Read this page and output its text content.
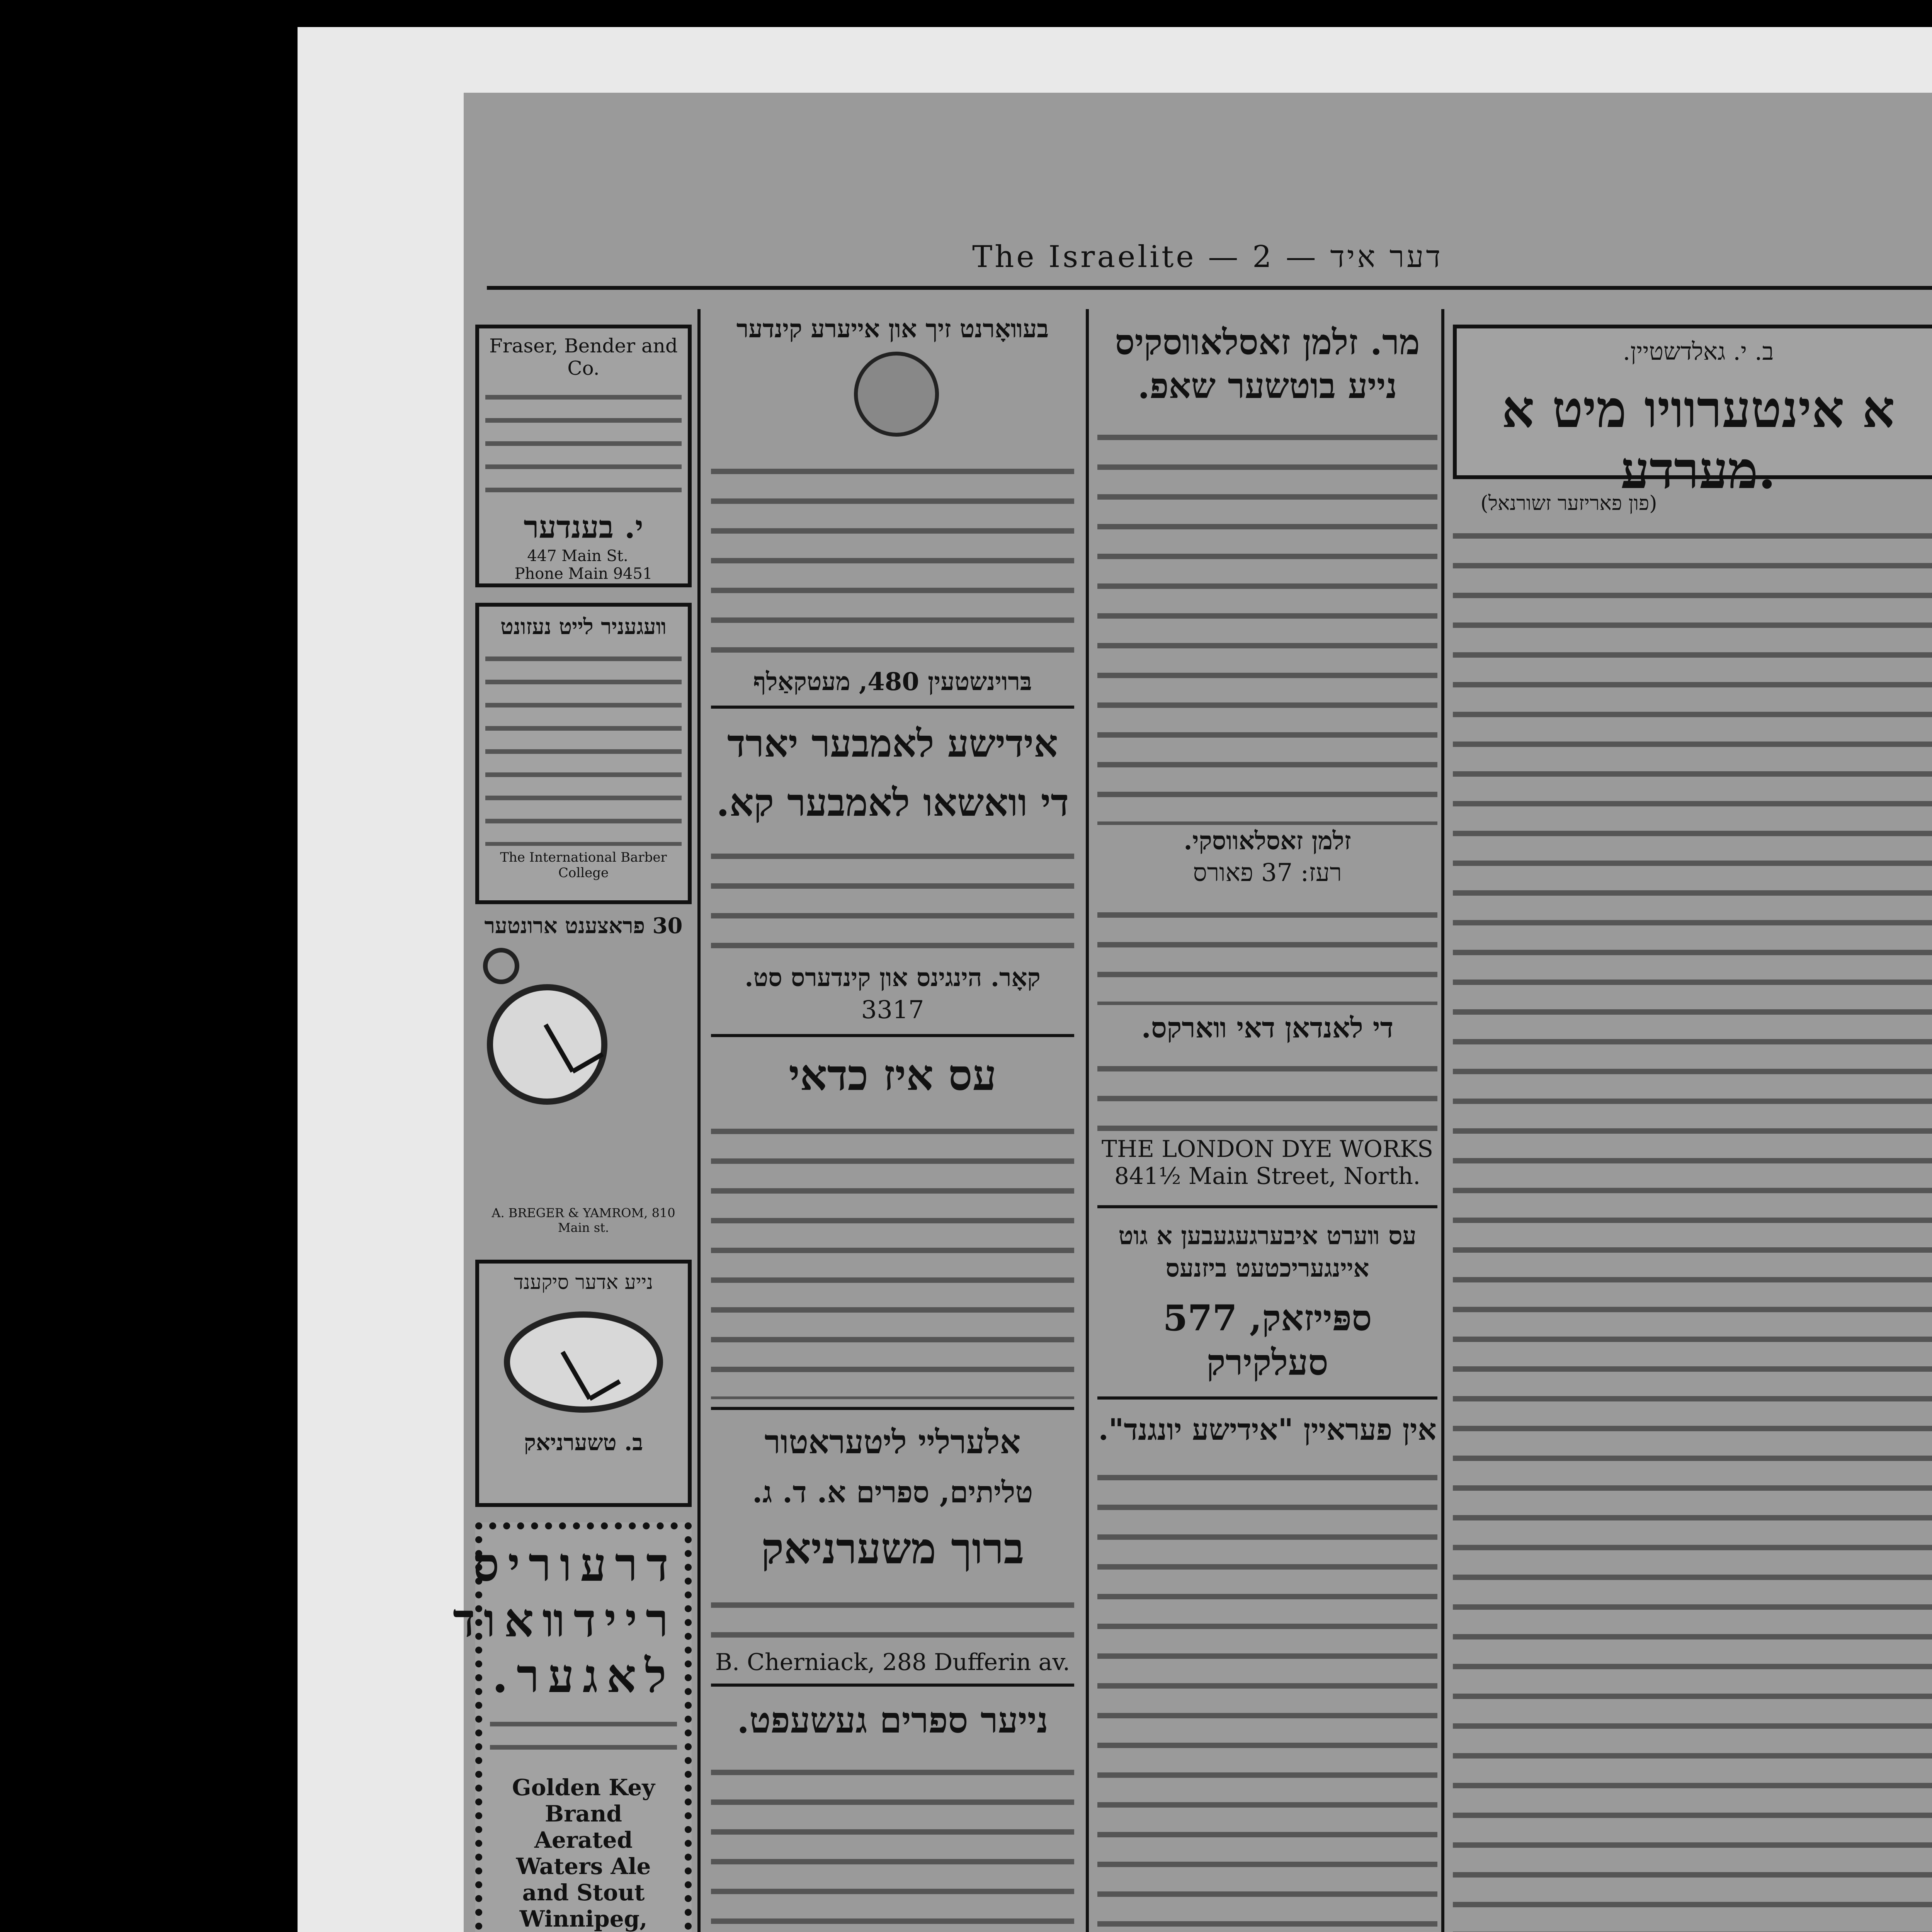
The Israelite — 2 — דער איד
ב. י. גאלדשטיין.
א אינטערוויו מיט א מערדע.
(פון פאריזער זשורנאל)
מר. זלמן זאסלאווסקיס נייע בוטשער שאפ.
זלמן זאסלאווסקי.
רעז: 37 פאורס
די לאנדאן דאי װארקס.
THE LONDON DYE WORKS
841½ Main Street, North.
עס װערט איבערגעגעבען א גוט איינגעריכטעט ביזנעס
ספּייזאק, 577 סעלקירק
אין פעראיין "אידישע יונגנד".
בעװאָרנט זיך און אייערע קינדער
בּרוינשטעין 480, מעטקאַלף
אידישע לאמבער יארד
די וואשאו לאמבער קא.
קאָר. הינגינס און קינדערס סט.
3317
עס איז כדאי
אלערליי ליטעראטור
טליתים, ספרים א. ד. ג.
ברוך משערניאק
B. Cherniack, 288 Dufferin av.
נייער ספרים געשעפט.
Fraser, Bender and Co.
י. בענדער
447 Main St. Phone Main 9451
װעגעניר לייט נעזונט
The International Barber College
30 פראצענט ארונטער
A. BREGER & YAMROM, 810 Main st.
נייע אדער סיקענד
ב. טשערניאק
דרעוריס ריידװאוד לאגער.
Golden Key Brand
Aerated Waters Ale
and Stout
Winnipeg,
